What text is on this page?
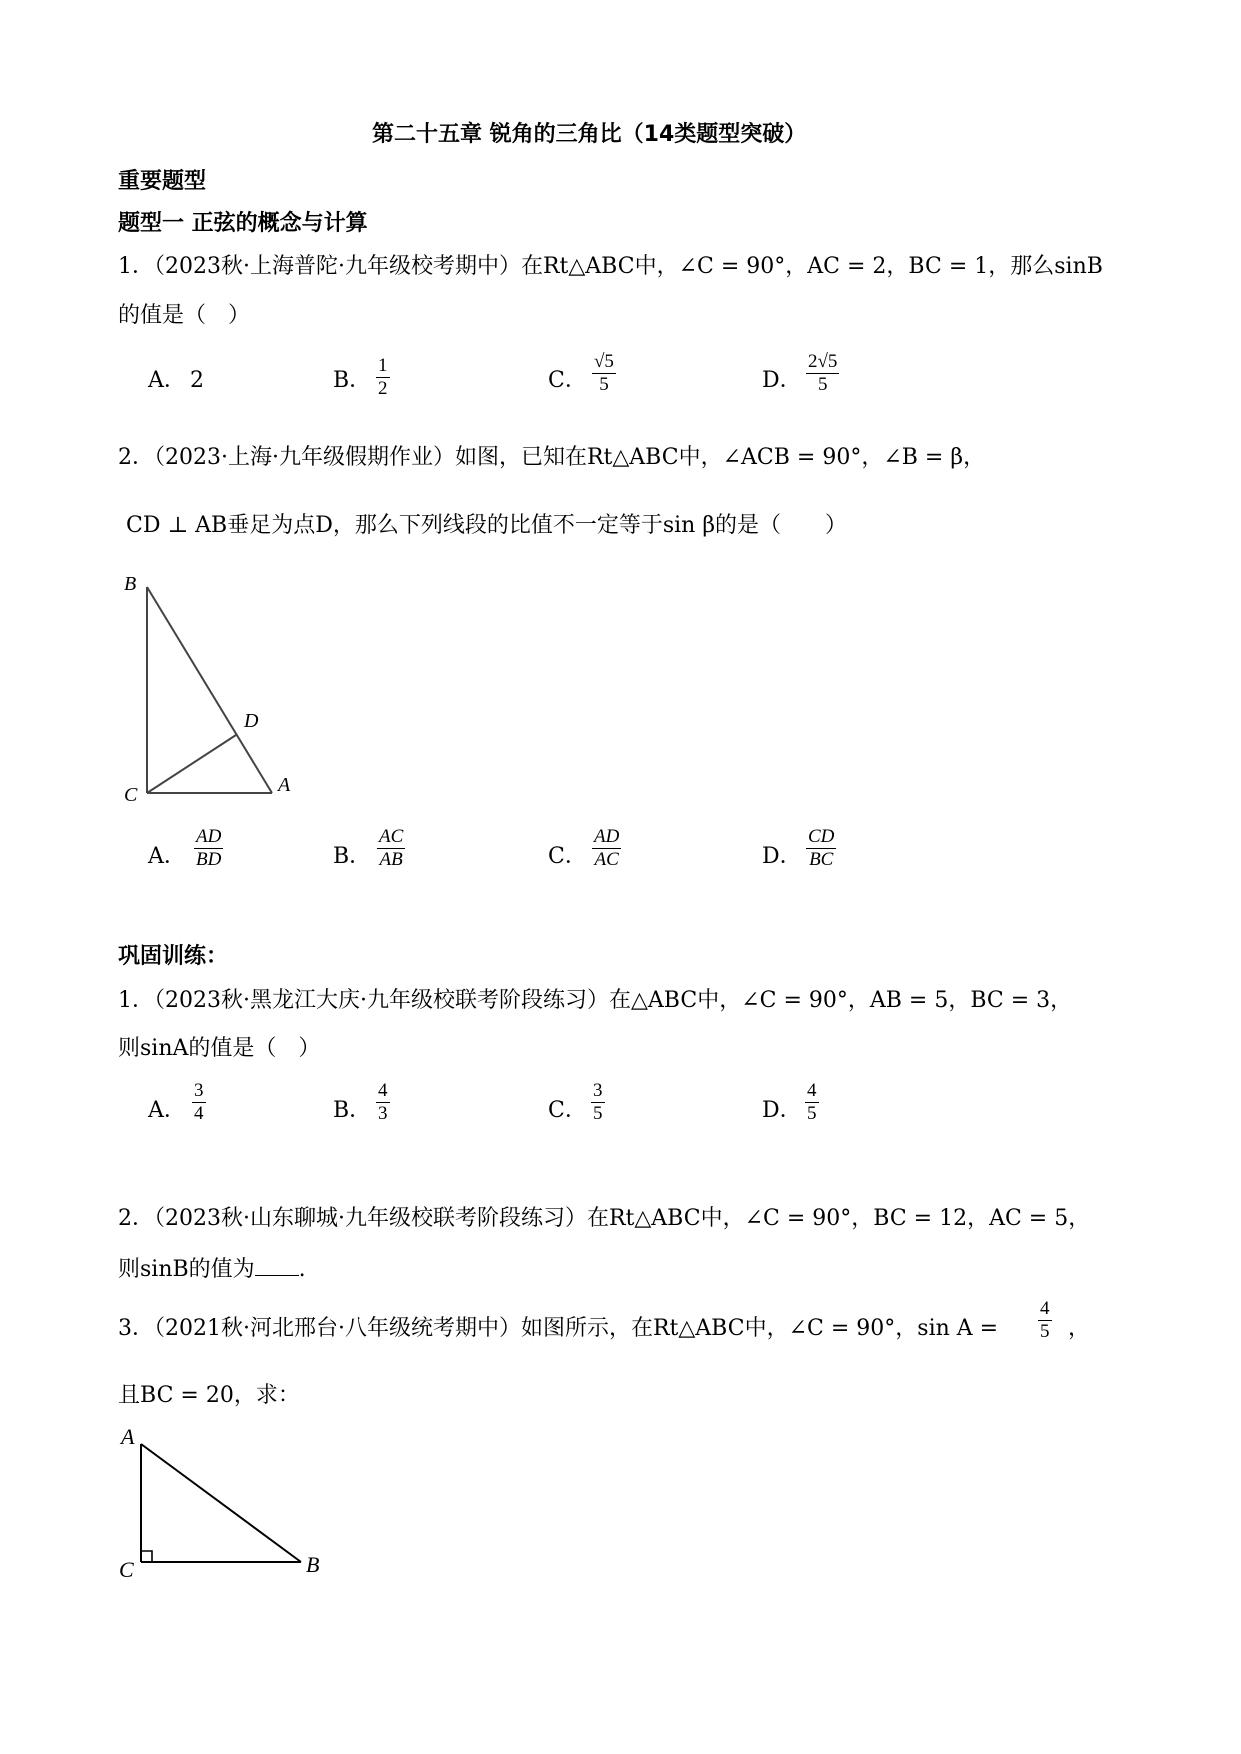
第二十五章 锐角的三角比（14类题型突破）
重要题型
题型一 正弦的概念与计算
1．（2023秋·上海普陀·九年级校考期中）在Rt△ABC中，∠C = 90°，AC = 2，BC = 1，那么sinB
的值是（　）
A． 2	B． $\frac{1}{2}$	C． $\frac{√5}{5}$	D． $\frac{2√5}{5}$
2．（2023·上海·九年级假期作业）如图，已知在Rt△ABC中，∠ACB = 90°，∠B = β，
CD ⊥ AB垂足为点D，那么下列线段的比值不一定等于sin β的是（　　）
B
D
C	A
A． $\frac{AD}{BD}$	B． $\frac{AC}{AB}$	C． $\frac{AD}{AC}$	D． $\frac{CD}{BC}$
巩固训练：
1．（2023秋·黑龙江大庆·九年级校联考阶段练习）在△ABC中，∠C = 90°，AB = 5，BC = 3，
则sinA的值是（　）
A． $\frac{3}{4}$	B． $\frac{4}{3}$	C． $\frac{3}{5}$	D． $\frac{4}{5}$
2．（2023秋·山东聊城·九年级校联考阶段练习）在Rt△ABC中，∠C = 90°，BC = 12，AC = 5，
则sinB的值为 .
3．（2021秋·河北邢台·八年级统考期中）如图所示，在Rt△ABC中，∠C = 90°，$\sin A = \frac{4}{5}$ ，
且BC = 20，求：
A
C	B
